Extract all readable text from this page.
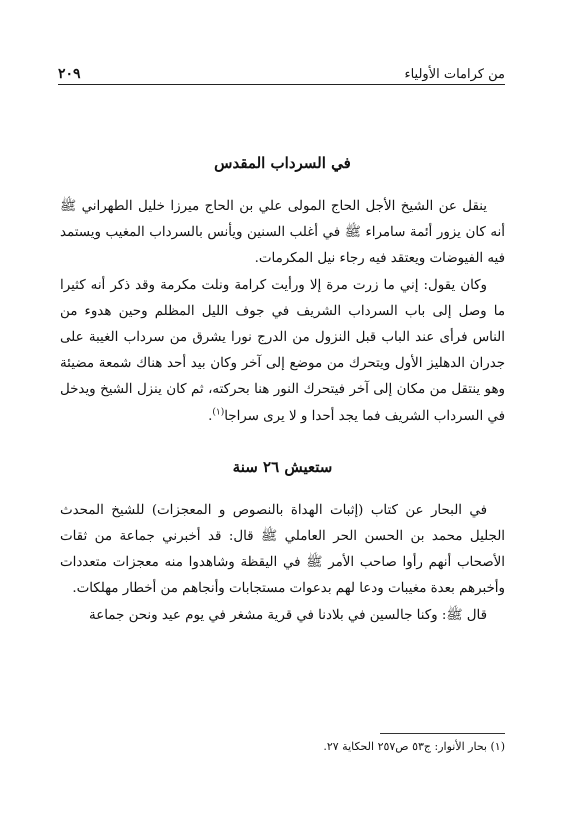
من كرامات الأولياء
٢٠٩
في السرداب المقدس

ينقل عن الشيخ الأجل الحاج المولى علي بن الحاج ميرزا خليل الطهراني ﷺ أنه كان يزور أئمة سامراء ﷺ في أغلب السنين ويأنس بالسرداب المغيب ويستمد فيه الفيوضات ويعتقد فيه رجاء نيل المكرمات.

وكان يقول: إني ما زرت مرة إلا ورأيت كرامة ونلت مكرمة وقد ذكر أنه كثيرا ما وصل إلى باب السرداب الشريف في جوف الليل المظلم وحين هدوء من الناس فرأى عند الباب قبل النزول من الدرج نورا يشرق من سرداب الغيبة على جدران الدهليز الأول ويتحرك من موضع إلى آخر وكان بيد أحد هناك شمعة مضيئة وهو ينتقل من مكان إلى آخر فيتحرك النور هنا بحركته، ثم كان ينزل الشيخ ويدخل في السرداب الشريف فما يجد أحدا و لا يرى سراجا$^{(١)}$.

ستعيش ٢٦ سنة

في البحار عن كتاب (إثبات الهداة بالنصوص و المعجزات) للشيخ المحدث الجليل محمد بن الحسن الحر العاملي ﷺ قال: قد أخبرني جماعة من ثقات الأصحاب أنهم رأوا صاحب الأمر ﷺ في اليقظة وشاهدوا منه معجزات متعددات وأخبرهم بعدة مغيبات ودعا لهم بدعوات مستجابات وأنجاهم من أخطار مهلكات.

قال ﷺ: وكنا جالسين في بلادنا في قرية مشغر في يوم عيد ونحن جماعة

(١) بحار الأنوار: ج٥٣ ص٢٥٧ الحكاية ٢٧.
